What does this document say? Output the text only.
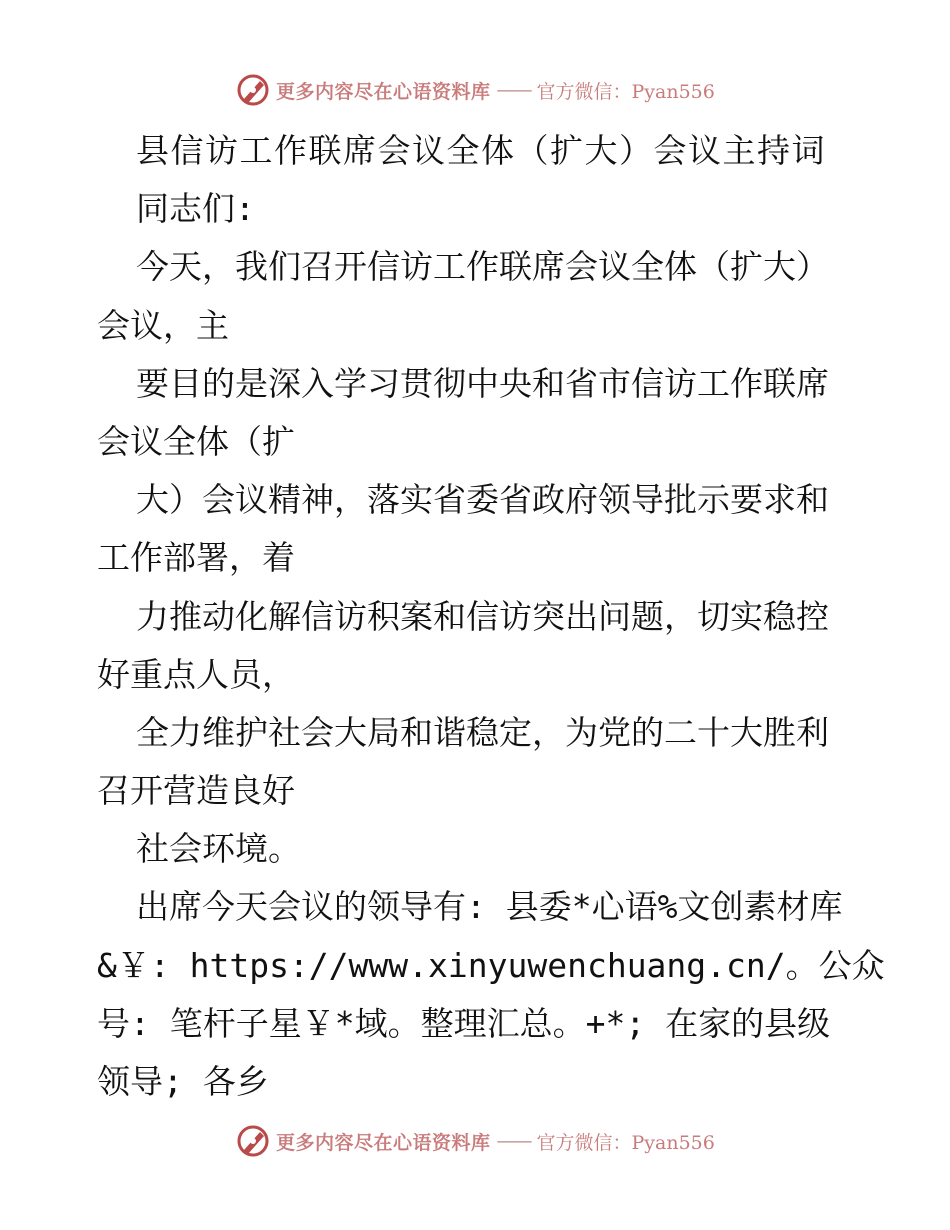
更多内容尽在心语资料库 —— 官方微信：Pyan556
县信访工作联席会议全体（扩大）会议主持词
同志们:
今天，我们召开信访工作联席会议全体（扩大）
会议，主
要目的是深入学习贯彻中央和省市信访工作联席
会议全体（扩
大）会议精神，落实省委省政府领导批示要求和
工作部署，着
力推动化解信访积案和信访突出问题，切实稳控
好重点人员，
全力维护社会大局和谐稳定，为党的二十大胜利
召开营造良好
社会环境。
出席今天会议的领导有: 县委*心语%文创素材库
&￥: https://www.xinyuwenchuang.cn/。公众
号: 笔杆子星￥*域。整理汇总。+*; 在家的县级
领导; 各乡
更多内容尽在心语资料库 —— 官方微信：Pyan556
